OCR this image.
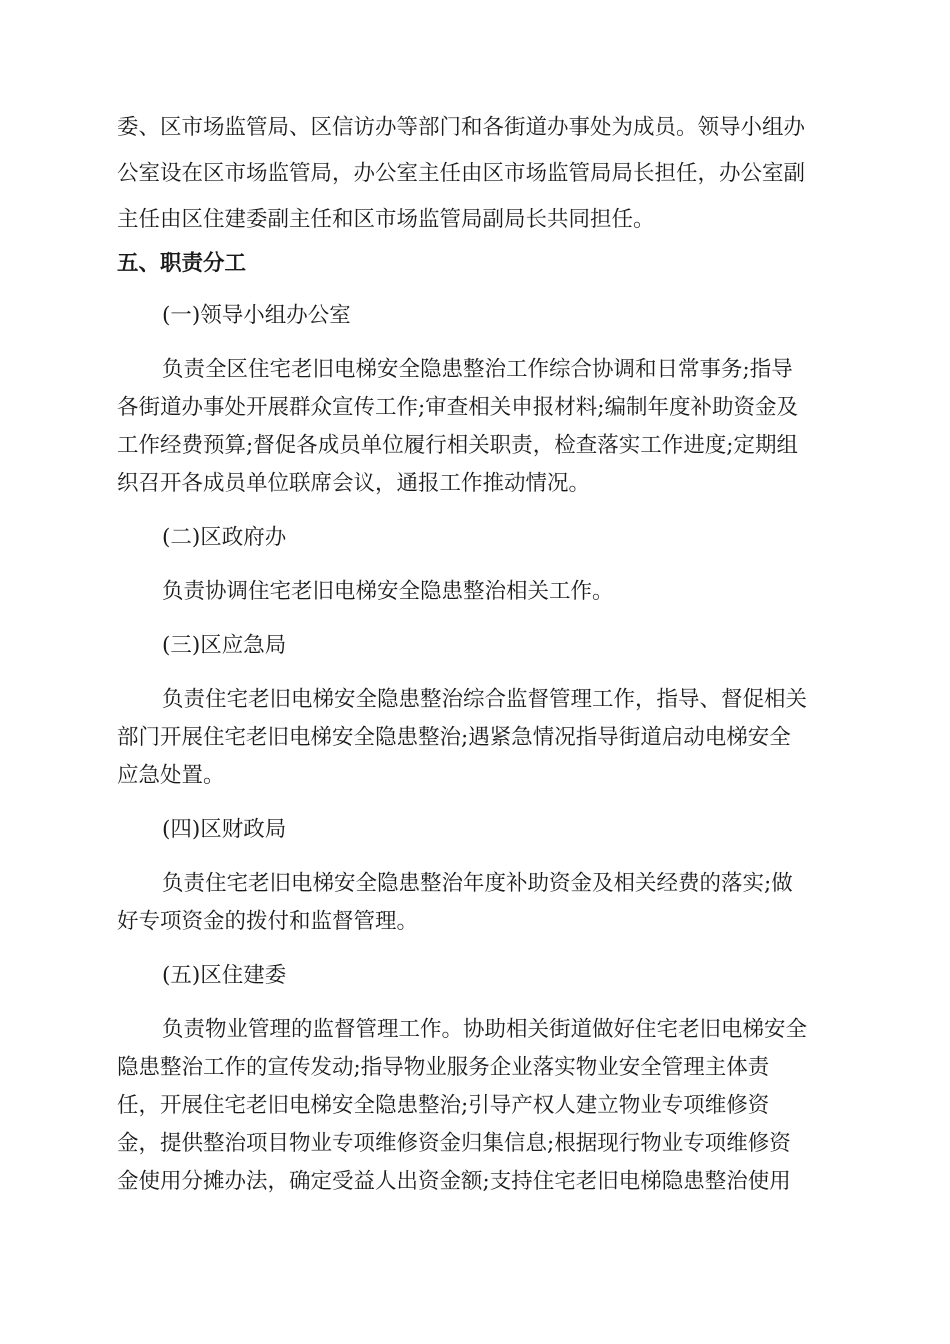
委、区市场监管局、区信访办等部门和各街道办事处为成员。领导小组办
公室设在区市场监管局，办公室主任由区市场监管局局长担任，办公室副
主任由区住建委副主任和区市场监管局副局长共同担任。
五、职责分工
(一)领导小组办公室
负责全区住宅老旧电梯安全隐患整治工作综合协调和日常事务;指导
各街道办事处开展群众宣传工作;审查相关申报材料;编制年度补助资金及
工作经费预算;督促各成员单位履行相关职责，检查落实工作进度;定期组
织召开各成员单位联席会议，通报工作推动情况。
(二)区政府办
负责协调住宅老旧电梯安全隐患整治相关工作。
(三)区应急局
负责住宅老旧电梯安全隐患整治综合监督管理工作，指导、督促相关
部门开展住宅老旧电梯安全隐患整治;遇紧急情况指导街道启动电梯安全
应急处置。
(四)区财政局
负责住宅老旧电梯安全隐患整治年度补助资金及相关经费的落实;做
好专项资金的拨付和监督管理。
(五)区住建委
负责物业管理的监督管理工作。协助相关街道做好住宅老旧电梯安全
隐患整治工作的宣传发动;指导物业服务企业落实物业安全管理主体责
任，开展住宅老旧电梯安全隐患整治;引导产权人建立物业专项维修资
金，提供整治项目物业专项维修资金归集信息;根据现行物业专项维修资
金使用分摊办法，确定受益人出资金额;支持住宅老旧电梯隐患整治使用
